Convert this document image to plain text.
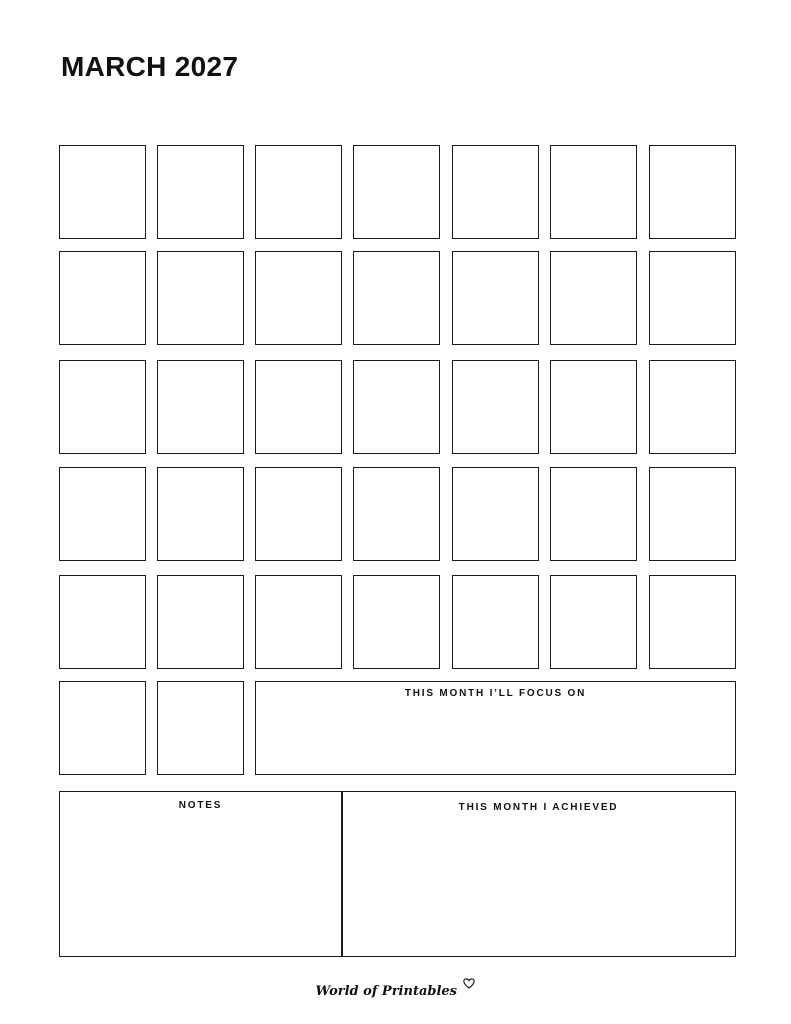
MARCH 2027
THIS MONTH I’LL FOCUS ON
NOTES	THIS MONTH I ACHIEVED
World of Printables
